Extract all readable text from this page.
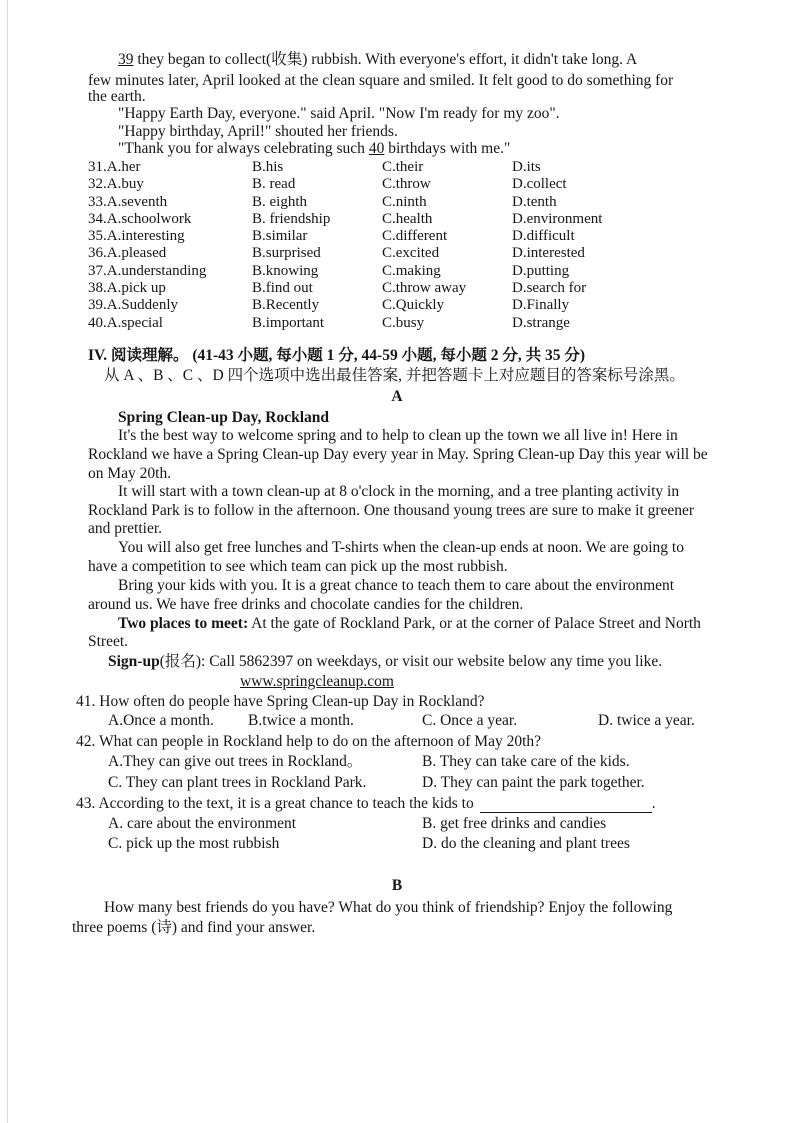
39 they began to collect(收集) rubbish. With everyone's effort, it didn't take long. A
few minutes later, April looked at the clean square and smiled. It felt good to do something for
the earth.
"Happy Earth Day, everyone." said April. "Now I'm ready for my zoo".
"Happy birthday, April!" shouted her friends.
"Thank you for always celebrating such 40 birthdays with me."
31.A.her	B.his	C.their	D.its
32.A.buy	B. read	C.throw	D.collect
33.A.seventh	B. eighth	C.ninth	D.tenth
34.A.schoolwork	B. friendship	C.health	D.environment
35.A.interesting	B.similar	C.different	D.difficult
36.A.pleased	B.surprised	C.excited	D.interested
37.A.understanding	B.knowing	C.making	D.putting
38.A.pick up	B.find out	C.throw away	D.search for
39.A.Suddenly	B.Recently	C.Quickly	D.Finally
40.A.special	B.important	C.busy	D.strange
IV. 阅读理解。 (41-43 小题, 每小题 1 分, 44-59 小题, 每小题 2 分, 共 35 分)
从 A 、B 、C 、D 四个选项中选出最佳答案, 并把答题卡上对应题目的答案标号涂黑。
A
Spring Clean-up Day, Rockland
It's the best way to welcome spring and to help to clean up the town we all live in! Here in
Rockland we have a Spring Clean-up Day every year in May. Spring Clean-up Day this year will be
on May 20th.
It will start with a town clean-up at 8 o'clock in the morning, and a tree planting activity in
Rockland Park is to follow in the afternoon. One thousand young trees are sure to make it greener
and prettier.
You will also get free lunches and T-shirts when the clean-up ends at noon. We are going to
have a competition to see which team can pick up the most rubbish.
Bring your kids with you. It is a great chance to teach them to care about the environment
around us. We have free drinks and chocolate candies for the children.
Two places to meet: At the gate of Rockland Park, or at the corner of Palace Street and North
Street.
Sign-up(报名): Call 5862397 on weekdays, or visit our website below any time you like.
www.springcleanup.com
41. How often do people have Spring Clean-up Day in Rockland?
A.Once a month. B.twice a month.	C. Once a year.	D. twice a year.
42. What can people in Rockland help to do on the afternoon of May 20th?
A.They can give out trees in Rockland。	B. They can take care of the kids.
C. They can plant trees in Rockland Park.	D. They can paint the park together.
43. According to the text, it is a great chance to teach the kids to	.
A. care about the environment	B. get free drinks and candies
C. pick up the most rubbish	D. do the cleaning and plant trees
B
How many best friends do you have? What do you think of friendship? Enjoy the following
three poems (诗) and find your answer.
